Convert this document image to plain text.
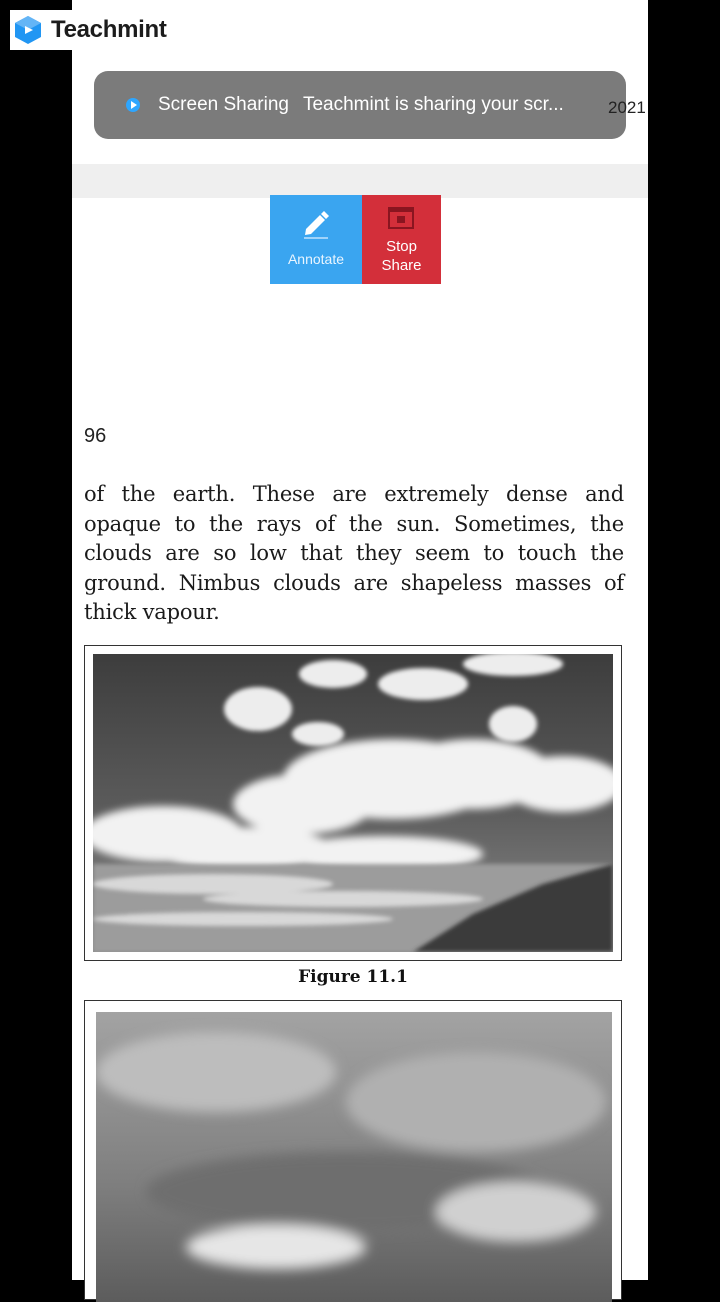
Teachmint
Screen Sharing Teachmint is sharing your scr...	2021
Annotate
Stop
Share
96
of the earth. These are extremely dense and opaque to the rays of the sun. Sometimes, the clouds are so low that they seem to touch the ground. Nimbus clouds are shapeless masses of thick vapour.
Figure 11.1
